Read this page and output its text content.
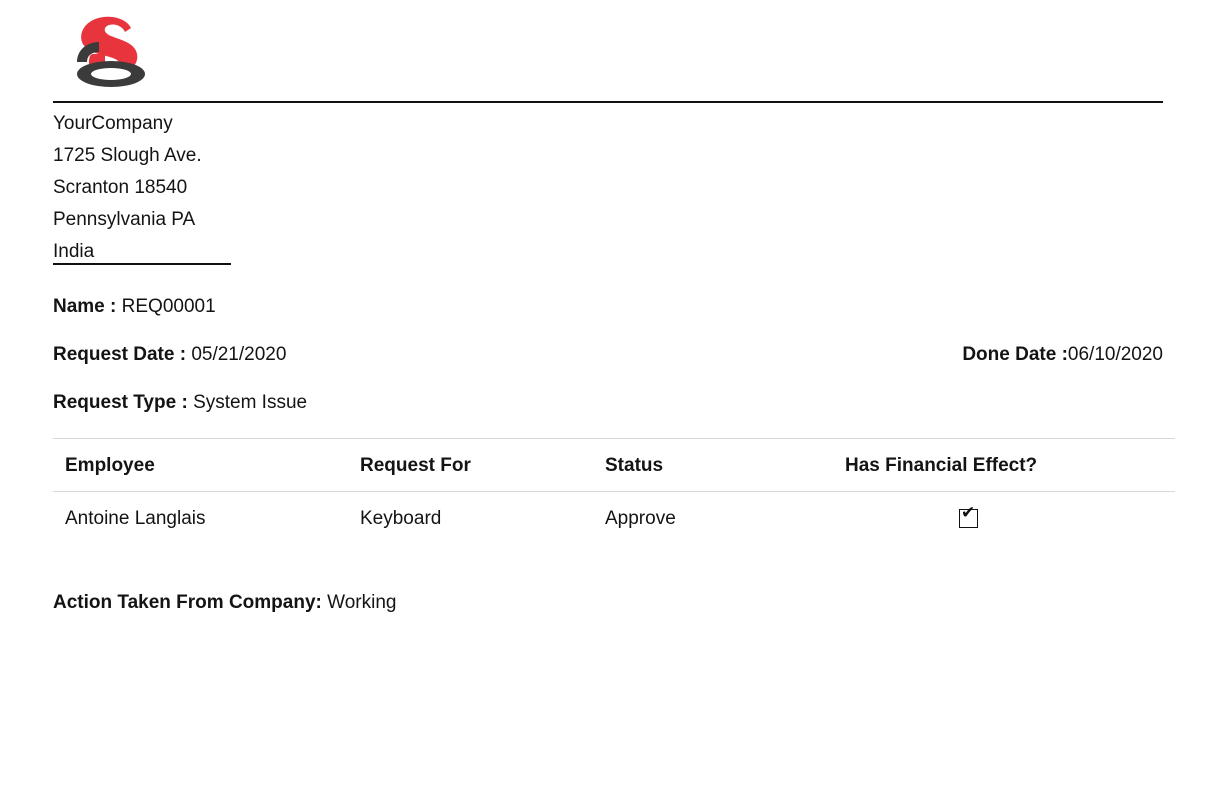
YourCompany
1725 Slough Ave.
Scranton 18540
Pennsylvania PA
India
Name : REQ00001
Request Date : 05/21/2020	Done Date :06/10/2020
Request Type : System Issue
Employee	Request For	Status	Has Financial Effect?
Antoine Langlais	Keyboard	Approve	✔
Action Taken From Company: Working
